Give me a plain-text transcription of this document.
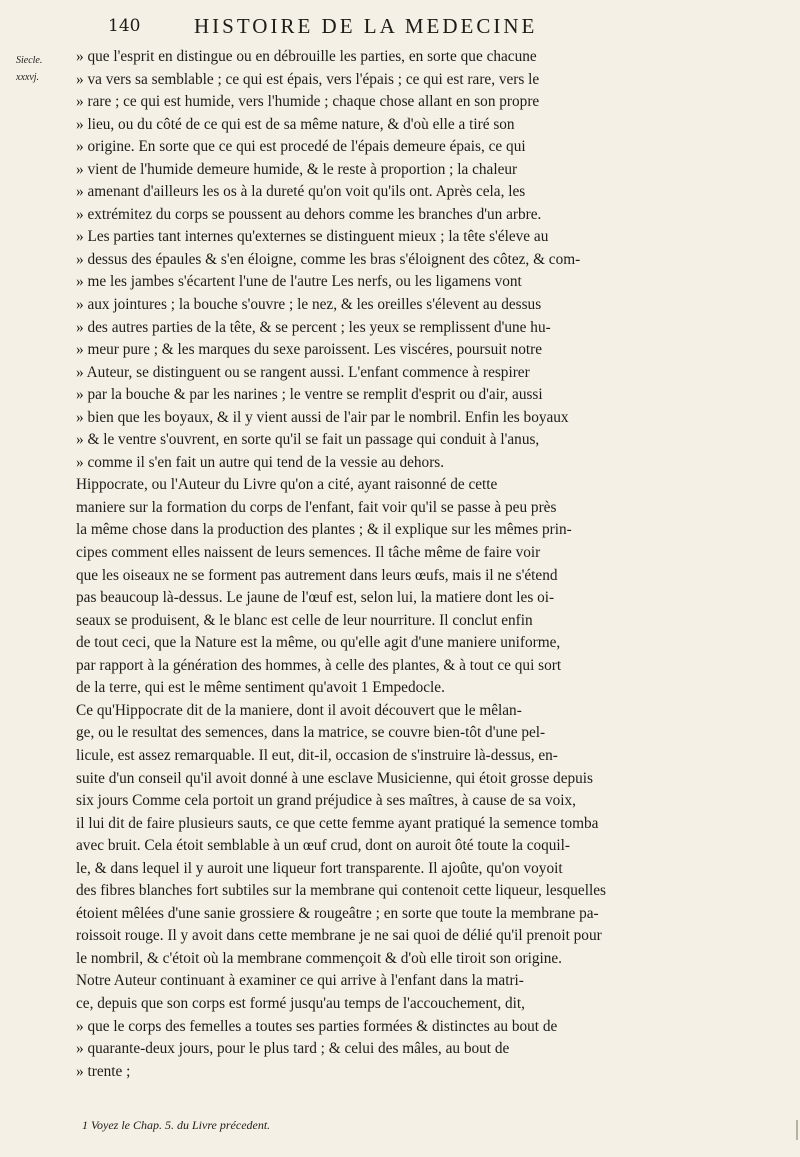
140	HISTOIRE DE LA MEDECINE
Siecle.
xxxvj.

» que l'esprit en distingue ou en débrouille les parties, en sorte que chacune
» va vers sa semblable ; ce qui est épais, vers l'épais ; ce qui est rare, vers le
» rare ; ce qui est humide, vers l'humide ; chaque chose allant en son propre
» lieu, ou du côté de ce qui est de sa même nature, & d'où elle a tiré son
» origine. En sorte que ce qui est procedé de l'épais demeure épais, ce qui
» vient de l'humide demeure humide, & le reste à proportion ; la chaleur
» amenant d'ailleurs les os à la dureté qu'on voit qu'ils ont. Après cela, les
» extrémitez du corps se poussent au dehors comme les branches d'un arbre.
» Les parties tant internes qu'externes se distinguent mieux ; la tête s'éleve au
» dessus des épaules & s'en éloigne, comme les bras s'éloignent des côtez, & com-
» me les jambes s'écartent l'une de l'autre Les nerfs, ou les ligamens vont
» aux jointures ; la bouche s'ouvre ; le nez, & les oreilles s'élevent au dessus
» des autres parties de la tête, & se percent ; les yeux se remplissent d'une hu-
» meur pure ; & les marques du sexe paroissent. Les viscéres, poursuit notre
» Auteur, se distinguent ou se rangent aussi. L'enfant commence à respirer
» par la bouche & par les narines ; le ventre se remplit d'esprit ou d'air, aussi
» bien que les boyaux, & il y vient aussi de l'air par le nombril. Enfin les boyaux
» & le ventre s'ouvrent, en sorte qu'il se fait un passage qui conduit à l'anus,
» comme il s'en fait un autre qui tend de la vessie au dehors.

Hippocrate, ou l'Auteur du Livre qu'on a cité, ayant raisonné de cette
maniere sur la formation du corps de l'enfant, fait voir qu'il se passe à peu près
la même chose dans la production des plantes ; & il explique sur les mêmes prin-
cipes comment elles naissent de leurs semences. Il tâche même de faire voir
que les oiseaux ne se forment pas autrement dans leurs œufs, mais il ne s'étend
pas beaucoup là-dessus. Le jaune de l'œuf est, selon lui, la matiere dont les oi-
seaux se produisent, & le blanc est celle de leur nourriture. Il conclut enfin
de tout ceci, que la Nature est la même, ou qu'elle agit d'une maniere uniforme,
par rapport à la génération des hommes, à celle des plantes, & à tout ce qui sort
de la terre, qui est le même sentiment qu'avoit 1 Empedocle.

Ce qu'Hippocrate dit de la maniere, dont il avoit découvert que le mêlan-
ge, ou le resultat des semences, dans la matrice, se couvre bien-tôt d'une pel-
licule, est assez remarquable. Il eut, dit-il, occasion de s'instruire là-dessus, en-
suite d'un conseil qu'il avoit donné à une esclave Musicienne, qui étoit grosse depuis
six jours Comme cela portoit un grand préjudice à ses maîtres, à cause de sa voix,
il lui dit de faire plusieurs sauts, ce que cette femme ayant pratiqué la semence tomba
avec bruit. Cela étoit semblable à un œuf crud, dont on auroit ôté toute la coquil-
le, & dans lequel il y auroit une liqueur fort transparente. Il ajoûte, qu'on voyoit
des fibres blanches fort subtiles sur la membrane qui contenoit cette liqueur, lesquelles
étoient mêlées d'une sanie grossiere & rougeâtre ; en sorte que toute la membrane pa-
roissoit rouge. Il y avoit dans cette membrane je ne sai quoi de délié qu'il prenoit pour
le nombril, & c'étoit où la membrane commençoit & d'où elle tiroit son origine.

Notre Auteur continuant à examiner ce qui arrive à l'enfant dans la matri-
ce, depuis que son corps est formé jusqu'au temps de l'accouchement, dit,
» que le corps des femelles a toutes ses parties formées & distinctes au bout de
» quarante-deux jours, pour le plus tard ; & celui des mâles, au bout de
» trente ;

1 Voyez le Chap. 5. du Livre précedent.
